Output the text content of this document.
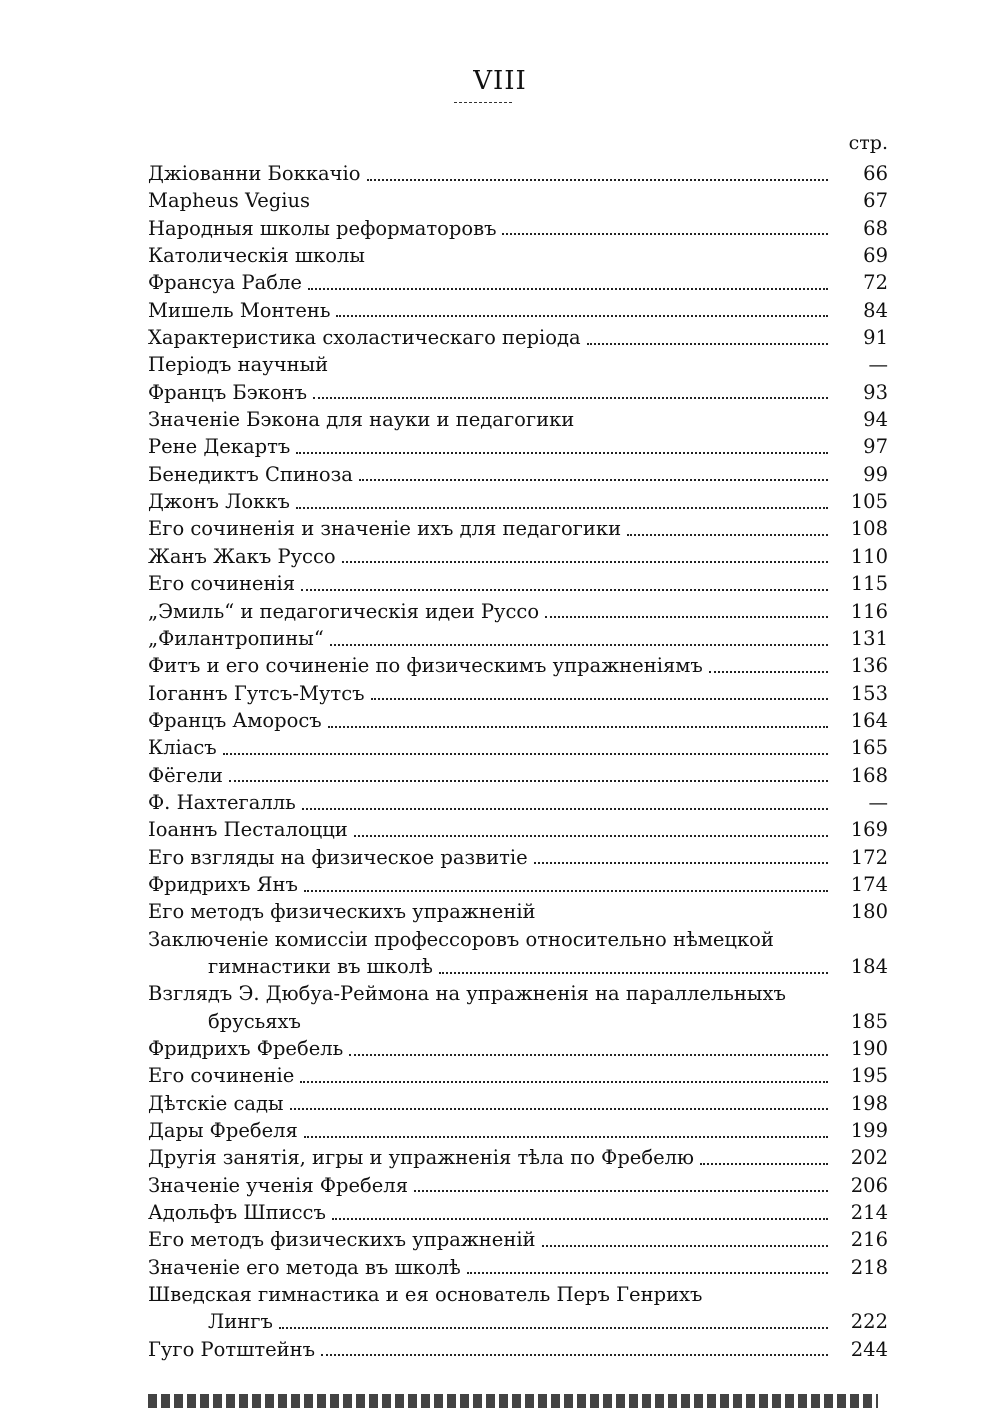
VIII
стр.
Джіованни Боккачіо	66
Mapheus Vegius	67
Народныя школы реформаторовъ	68
Католическія школы	69
Франсуа Рабле	72
Мишель Монтень	84
Характеристика схоластическаго періода	91
Періодъ научный	—
Францъ Бэконъ	93
Значеніе Бэкона для науки и педагогики	94
Рене Декартъ	97
Бенедиктъ Спиноза	99
Джонъ Локкъ	105
Его сочиненія и значеніе ихъ для педагогики	108
Жанъ Жакъ Руссо	110
Его сочиненія	115
„Эмиль“ и педагогическія идеи Руссо	116
„Филантропины“	131
Фитъ и его сочиненіе по физическимъ упражненіямъ	136
Іоганнъ Гутсъ-Мутсъ	153
Францъ Аморосъ	164
Кліасъ	165
Фёгели	168
Ф. Нахтегалль	—
Іоаннъ Песталоцци	169
Его взгляды на физическое развитіе	172
Фридрихъ Янъ	174
Его методъ физическихъ упражненій	180
Заключеніе комиссіи профессоровъ относительно нѣмецкой
гимнастики въ школѣ	184
Взглядъ Э. Дюбуа-Реймона на упражненія на параллельныхъ
брусьяхъ	185
Фридрихъ Фребель	190
Его сочиненіе	195
Дѣтскіе сады	198
Дары Фребеля	199
Другія занятія, игры и упражненія тѣла по Фребелю	202
Значеніе ученія Фребеля	206
Адольфъ Шписсъ	214
Его методъ физическихъ упражненій	216
Значеніе его метода въ школѣ	218
Шведская гимнастика и ея основатель Перъ Генрихъ
Лингъ	222
Гуго Ротштейнъ	244
